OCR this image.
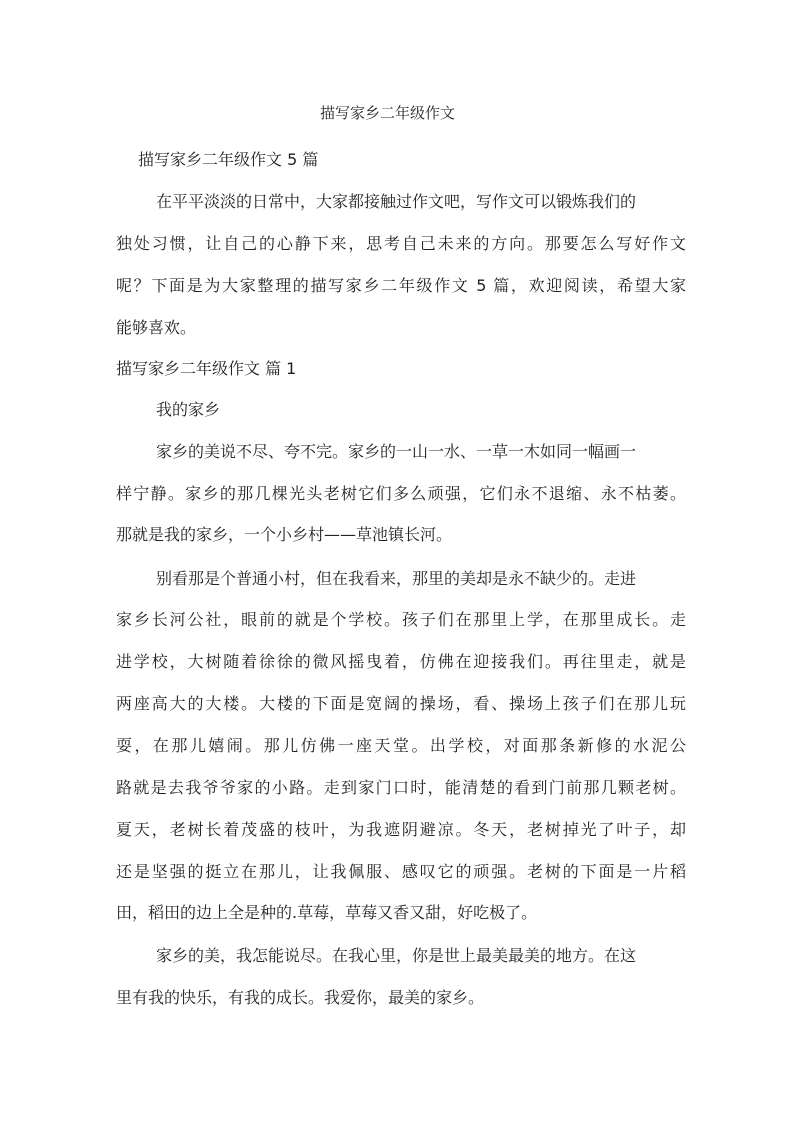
描写家乡二年级作文
描写家乡二年级作文 5 篇
在平平淡淡的日常中，大家都接触过作文吧，写作文可以锻炼我们的
独处习惯，让自己的心静下来，思考自己未来的方向。那要怎么写好作文
呢？下面是为大家整理的描写家乡二年级作文 5 篇，欢迎阅读，希望大家
能够喜欢。
描写家乡二年级作文 篇 1
我的家乡
家乡的美说不尽、夸不完。家乡的一山一水、一草一木如同一幅画一
样宁静。家乡的那几棵光头老树它们多么顽强，它们永不退缩、永不枯萎。
那就是我的家乡，一个小乡村——草池镇长河。
别看那是个普通小村，但在我看来，那里的美却是永不缺少的。走进
家乡长河公社，眼前的就是个学校。孩子们在那里上学，在那里成长。走
进学校，大树随着徐徐的微风摇曳着，仿佛在迎接我们。再往里走，就是
两座高大的大楼。大楼的下面是宽阔的操场，看、操场上孩子们在那儿玩
耍，在那儿嬉闹。那儿仿佛一座天堂。出学校，对面那条新修的水泥公
路就是去我爷爷家的小路。走到家门口时，能清楚的看到门前那几颗老树。
夏天，老树长着茂盛的枝叶，为我遮阴避凉。冬天，老树掉光了叶子，却
还是坚强的挺立在那儿，让我佩服、感叹它的顽强。老树的下面是一片稻
田，稻田的边上全是种的.草莓，草莓又香又甜，好吃极了。
家乡的美，我怎能说尽。在我心里，你是世上最美最美的地方。在这
里有我的快乐，有我的成长。我爱你，最美的家乡。
